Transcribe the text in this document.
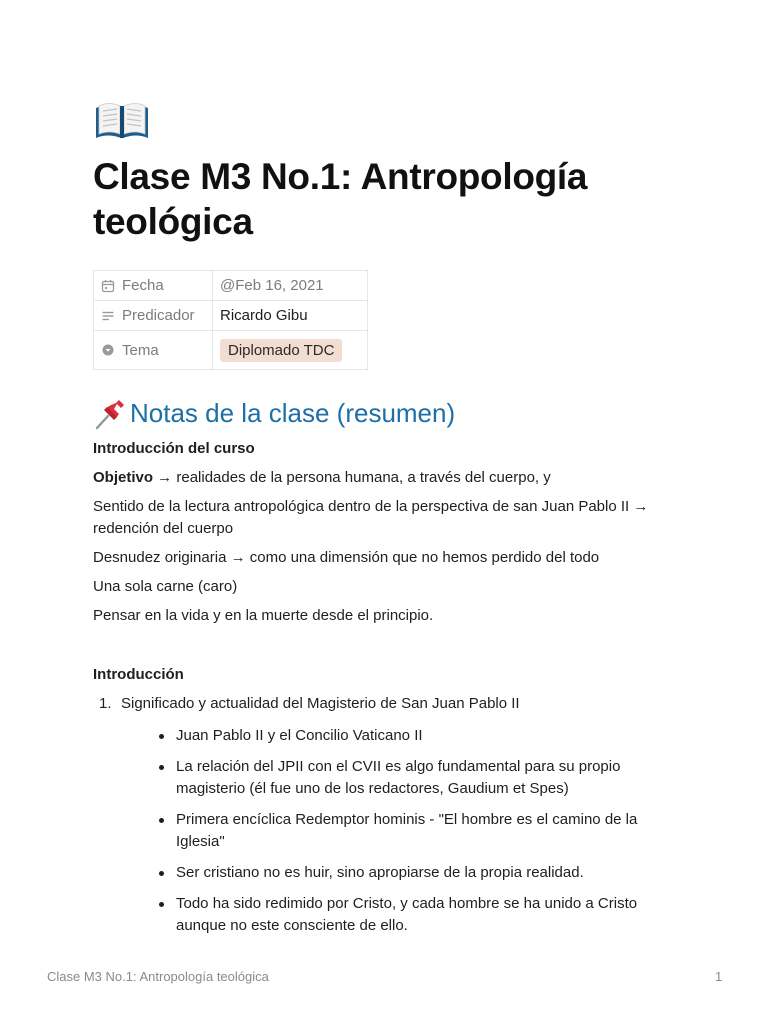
Clase M3 No.1: Antropología teológica
Fecha	@Feb 16, 2021

Predicador	Ricardo Gibu

Tema	Diplomado TDC
Notas de la clase (resumen)

Introducción del curso

Objetivo → realidades de la persona humana, a través del cuerpo, y

Sentido de la lectura antropológica dentro de la perspectiva de san Juan Pablo II → redención del cuerpo

Desnudez originaria → como una dimensión que no hemos perdido del todo

Una sola carne (caro)

Pensar en la vida y en la muerte desde el principio.

Introducción

1. Significado y actualidad del Magisterio de San Juan Pablo II
Juan Pablo II y el Concilio Vaticano II
La relación del JPII con el CVII es algo fundamental para su propio magisterio (él fue uno de los redactores, Gaudium et Spes)
Primera encíclica Redemptor hominis - "El hombre es el camino de la Iglesia"
Ser cristiano no es huir, sino apropiarse de la propia realidad.
Todo ha sido redimido por Cristo, y cada hombre se ha unido a Cristo aunque no este consciente de ello.
Clase M3 No.1: Antropología teológica	1
